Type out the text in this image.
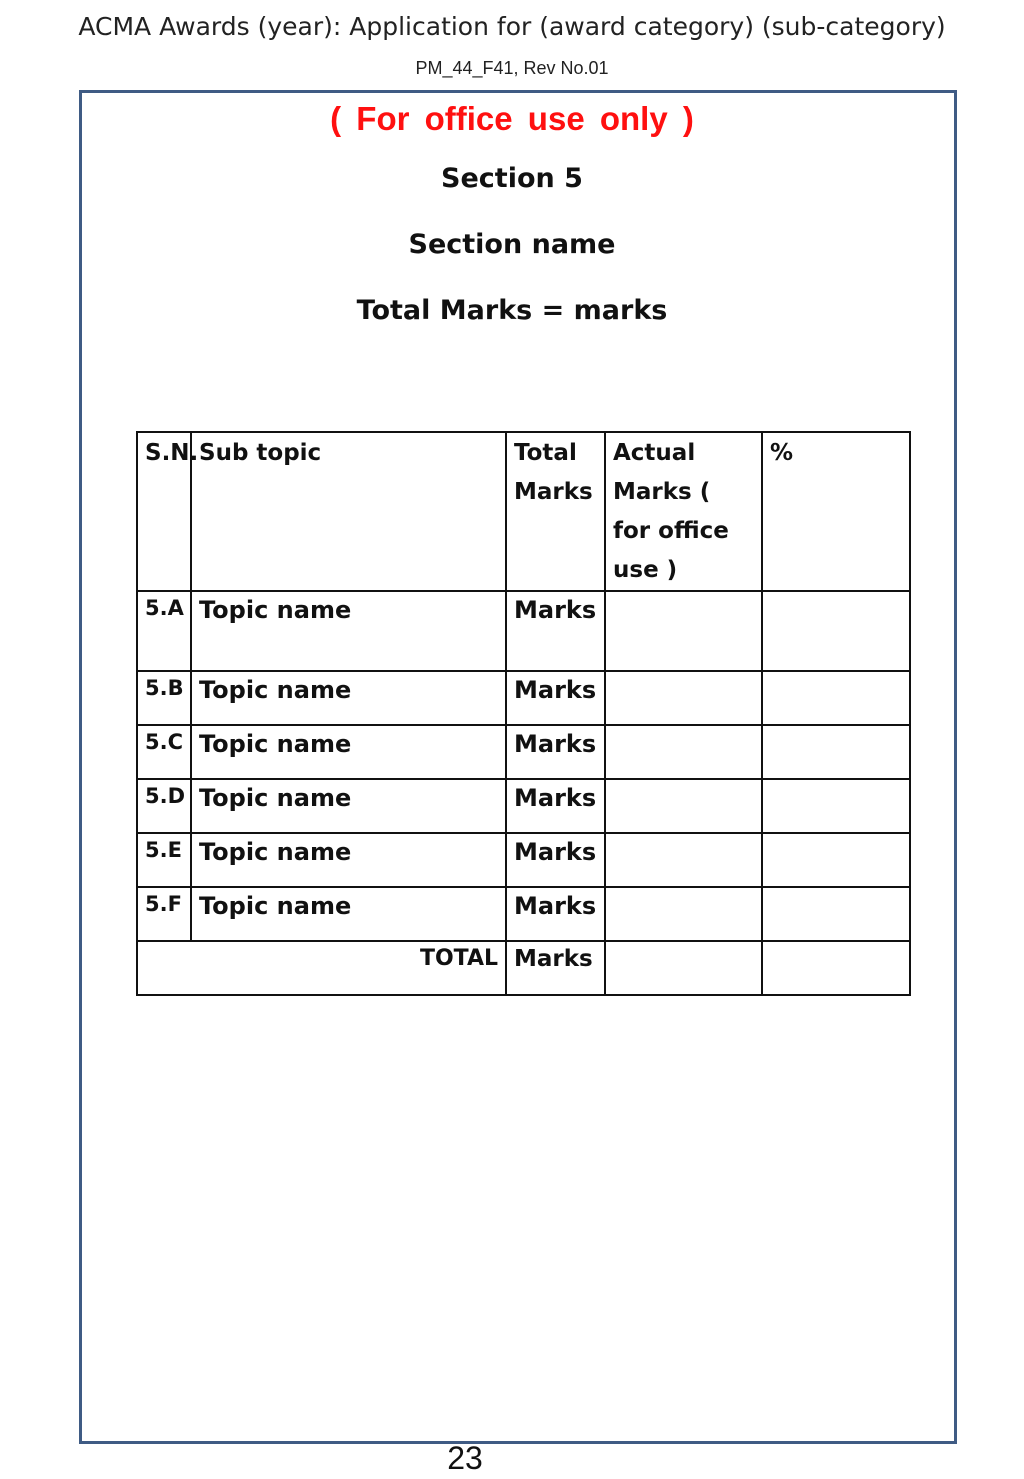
ACMA Awards (year): Application for (award category) (sub-category)
PM_44_F41, Rev No.01
( For office use only )
Section 5
Section name
Total Marks = marks
S.N.	Sub topic	Total Marks	Actual Marks ( for office use )	%
5.A	Topic name	Marks		
5.B	Topic name	Marks		
5.C	Topic name	Marks		
5.D	Topic name	Marks		
5.E	Topic name	Marks		
5.F	Topic name	Marks		
TOTAL		Marks		
23
